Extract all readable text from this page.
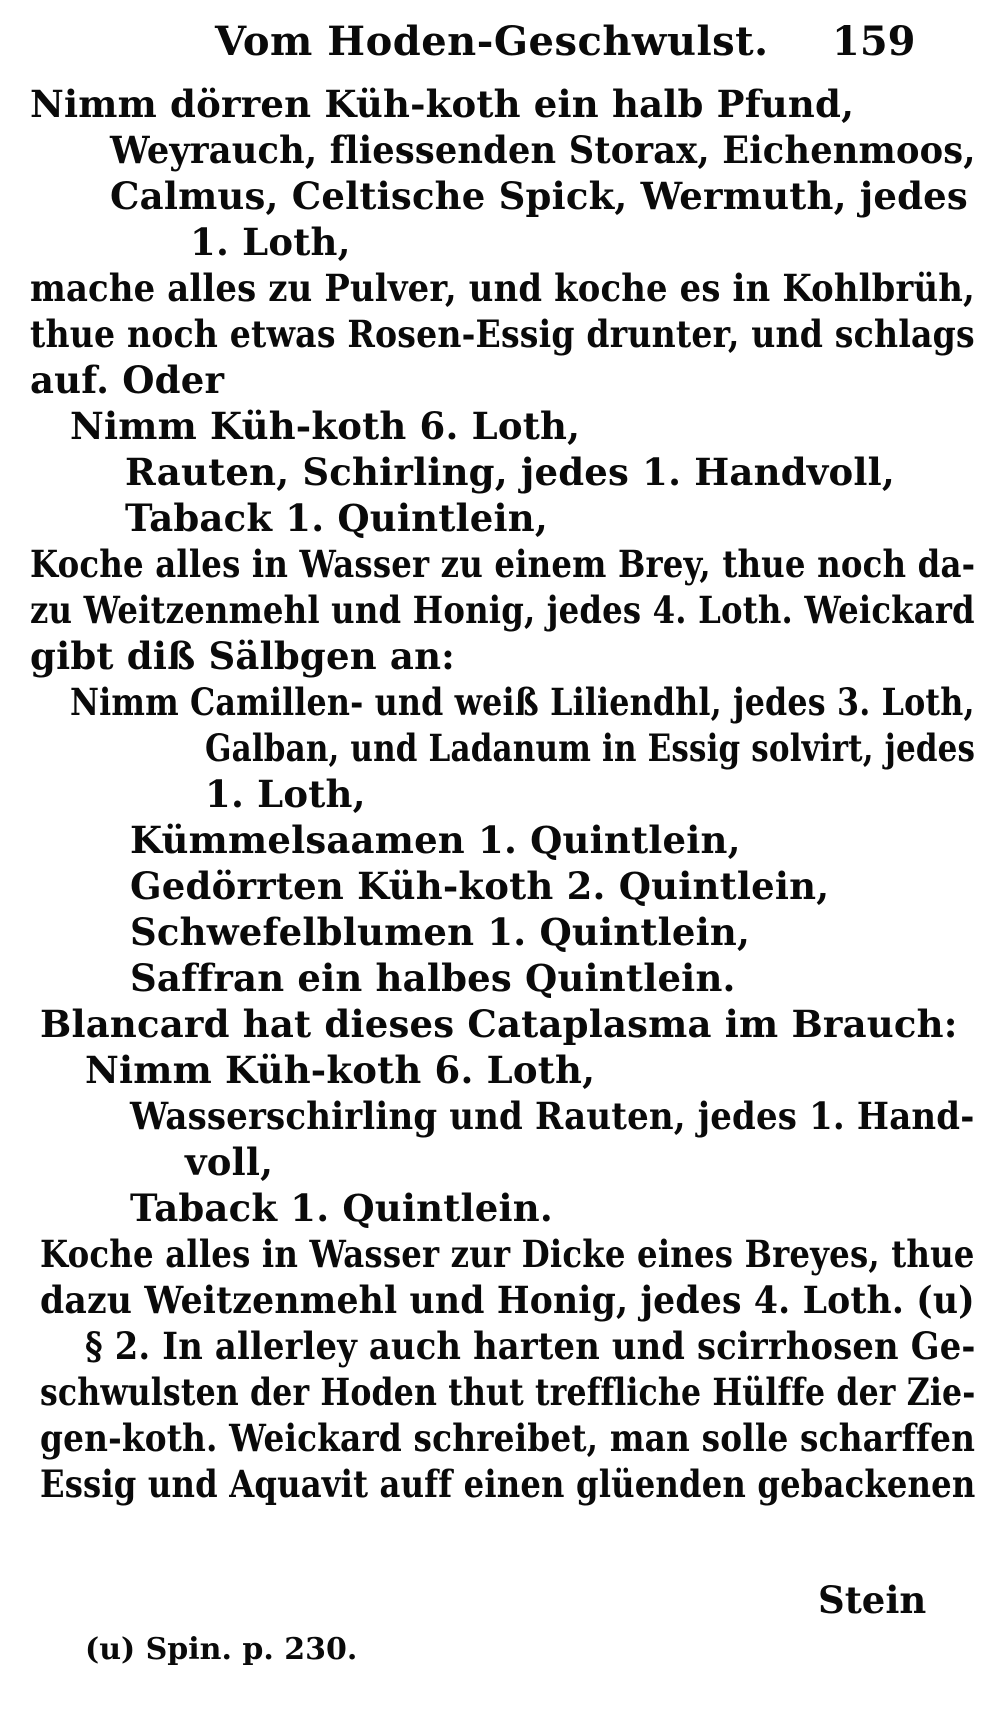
Vom Hoden-Geschwulst. 159
Nimm dörren Küh-koth ein halb Pfund,
Weyrauch, fliessenden Storax, Eichenmoos,
Calmus, Celtische Spick, Wermuth, jedes
1. Loth,
mache alles zu Pulver, und koche es in Kohlbrüh,
thue noch etwas Rosen-Essig drunter, und schlags
auf. Oder
Nimm Küh-koth 6. Loth,
Rauten, Schirling, jedes 1. Handvoll,
Taback 1. Quintlein,
Koche alles in Wasser zu einem Brey, thue noch da-
zu Weitzenmehl und Honig, jedes 4. Loth. Weickard
gibt diß Sälbgen an:
Nimm Camillen- und weiß Liliendhl, jedes 3. Loth,
Galban, und Ladanum in Essig solvirt, jedes
1. Loth,
Kümmelsaamen 1. Quintlein,
Gedörrten Küh-koth 2. Quintlein,
Schwefelblumen 1. Quintlein,
Saffran ein halbes Quintlein.
Blancard hat dieses Cataplasma im Brauch:
Nimm Küh-koth 6. Loth,
Wasserschirling und Rauten, jedes 1. Hand-
voll,
Taback 1. Quintlein.
Koche alles in Wasser zur Dicke eines Breyes, thue
dazu Weitzenmehl und Honig, jedes 4. Loth. (u)
§ 2. In allerley auch harten und scirrhosen Ge-
schwulsten der Hoden thut treffliche Hülffe der Zie-
gen-koth. Weickard schreibet, man solle scharffen
Essig und Aquavit auff einen glüenden gebackenen
Stein
(u) Spin. p. 230.
